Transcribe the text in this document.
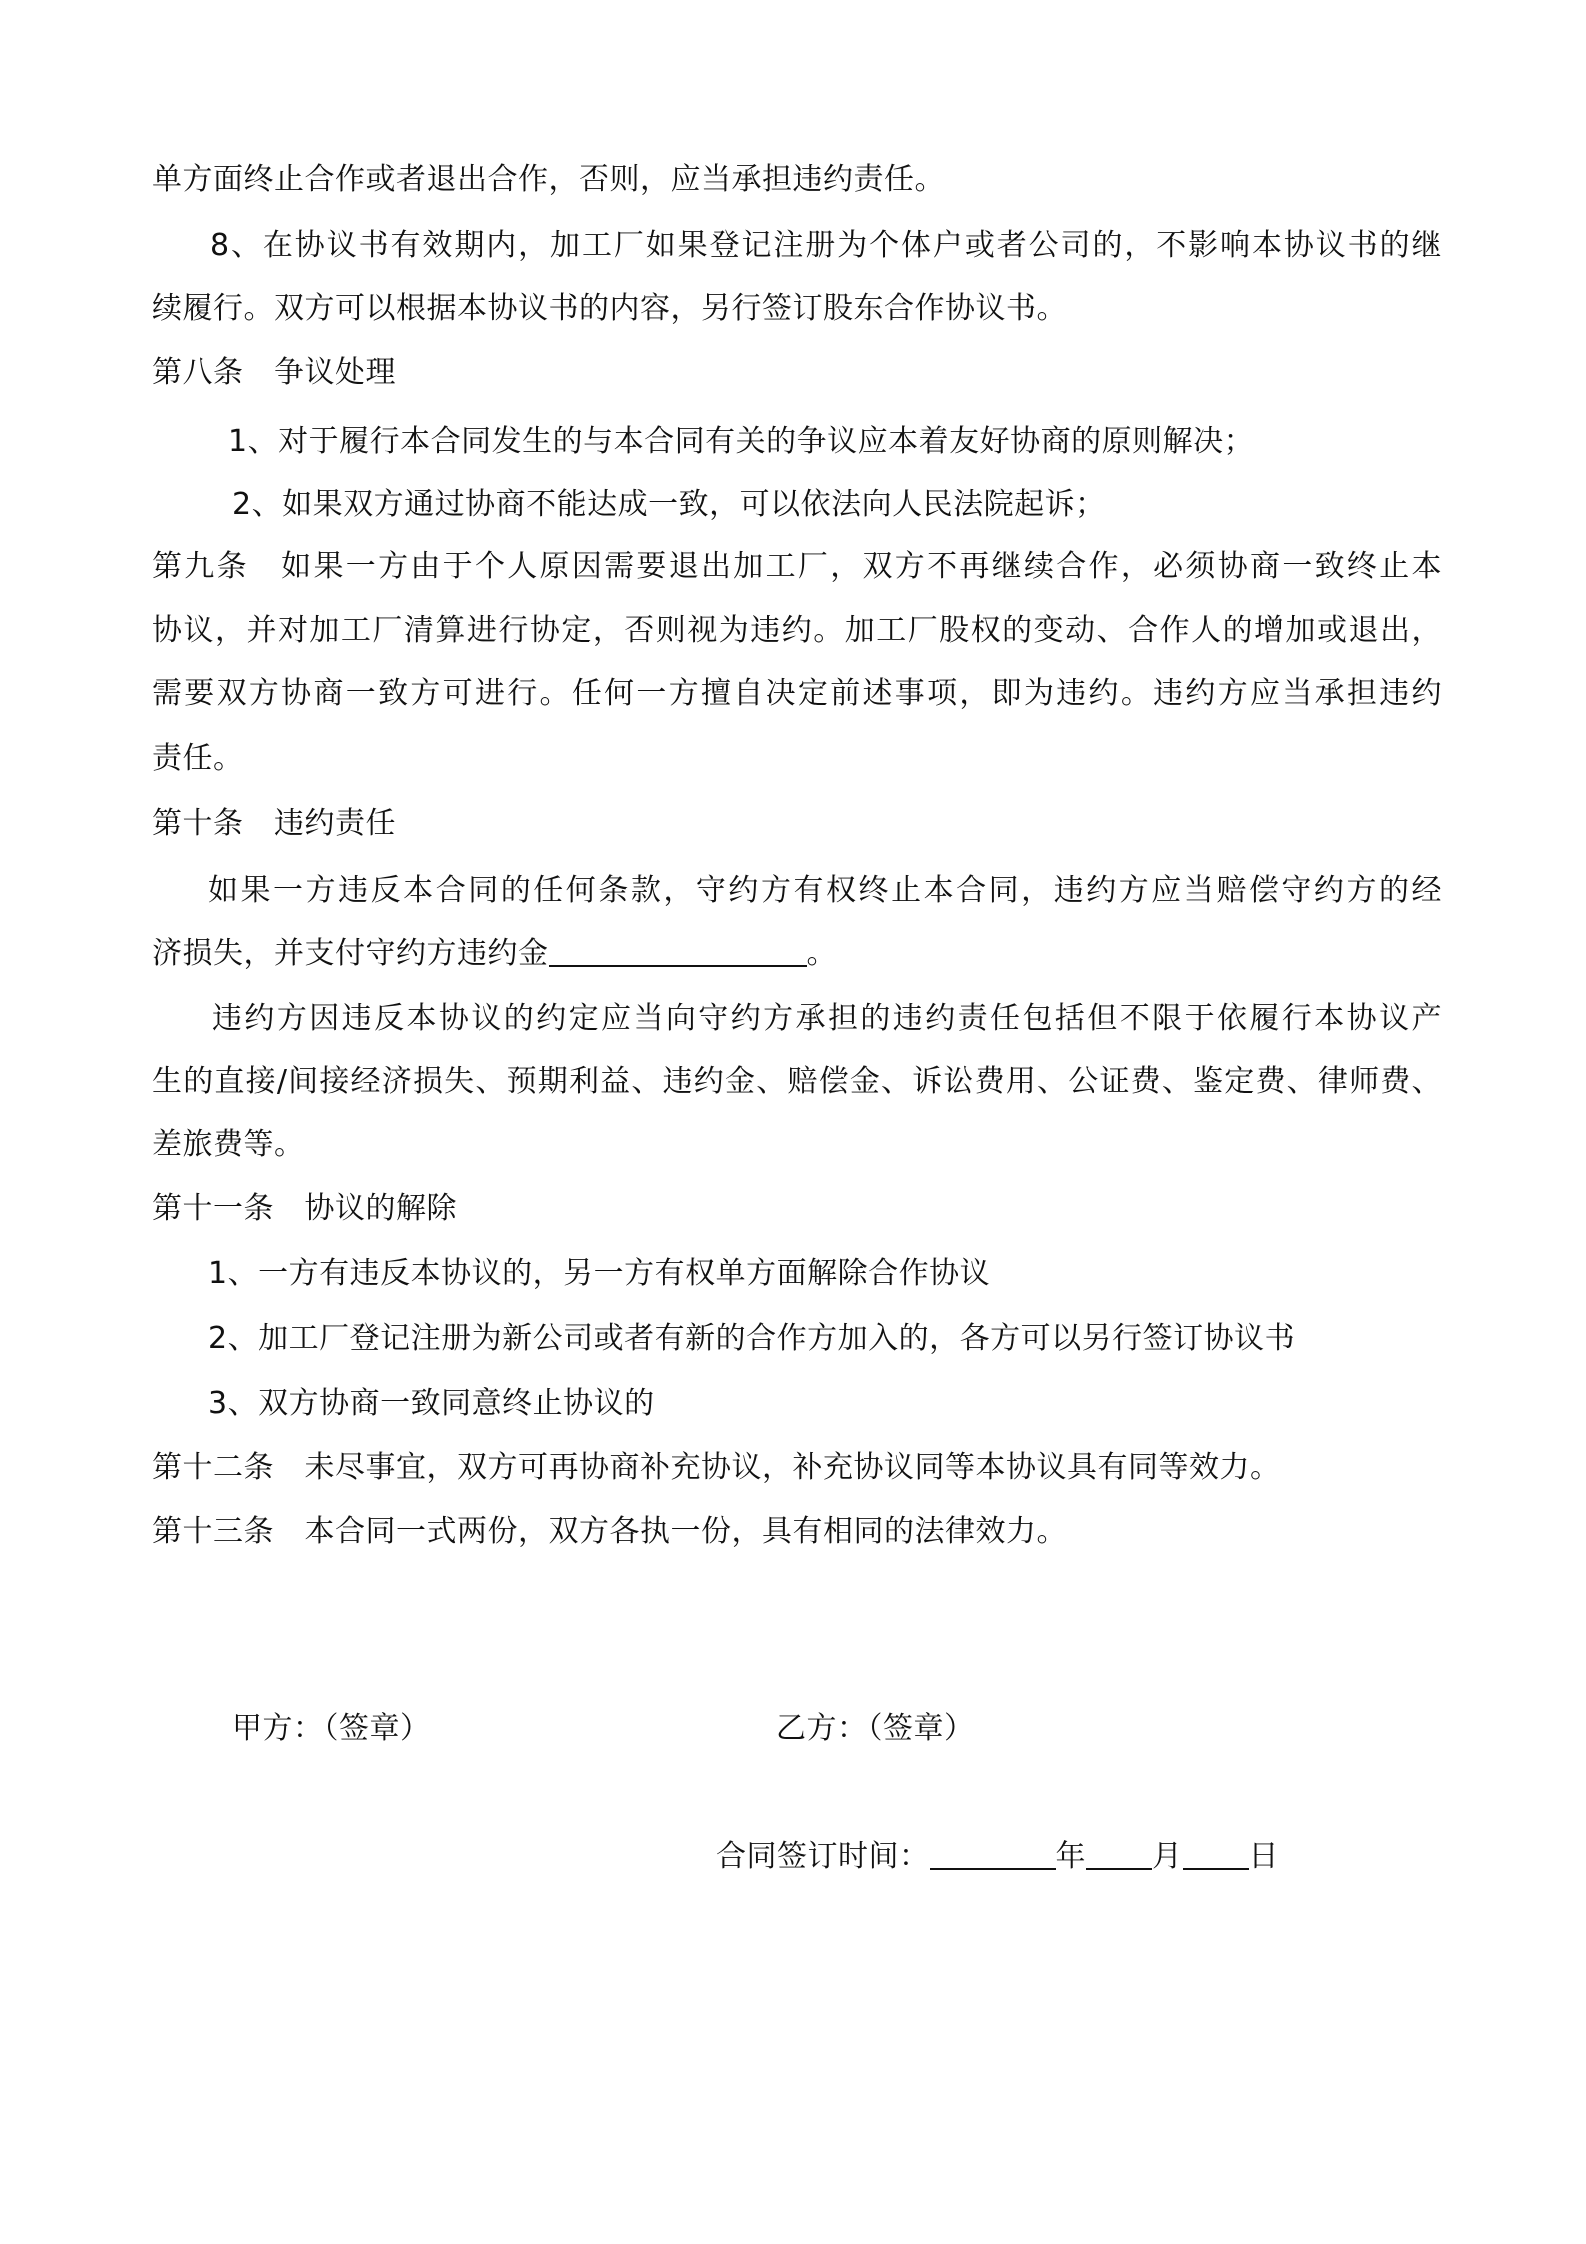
单方面终止合作或者退出合作，否则，应当承担违约责任。
8、在协议书有效期内，加工厂如果登记注册为个体户或者公司的，不影响本协议书的继
续履行。双方可以根据本协议书的内容，另行签订股东合作协议书。
第八条　争议处理
1、对于履行本合同发生的与本合同有关的争议应本着友好协商的原则解决；
2、如果双方通过协商不能达成一致，可以依法向人民法院起诉；
第九条　如果一方由于个人原因需要退出加工厂，双方不再继续合作，必须协商一致终止本
协议，并对加工厂清算进行协定，否则视为违约。加工厂股权的变动、合作人的增加或退出，
需要双方协商一致方可进行。任何一方擅自决定前述事项，即为违约。违约方应当承担违约
责任。
第十条　违约责任
如果一方违反本合同的任何条款，守约方有权终止本合同，违约方应当赔偿守约方的经
济损失，并支付守约方违约金	。
违约方因违反本协议的约定应当向守约方承担的违约责任包括但不限于依履行本协议产
生的直接/间接经济损失、预期利益、违约金、赔偿金、诉讼费用、公证费、鉴定费、律师费、
差旅费等。
第十一条　协议的解除
1、一方有违反本协议的，另一方有权单方面解除合作协议
2、加工厂登记注册为新公司或者有新的合作方加入的，各方可以另行签订协议书
3、双方协商一致同意终止协议的
第十二条　未尽事宜，双方可再协商补充协议，补充协议同等本协议具有同等效力。
第十三条　本合同一式两份，双方各执一份，具有相同的法律效力。
甲方：（签章）	乙方：（签章）
合同签订时间：	年 月 日
